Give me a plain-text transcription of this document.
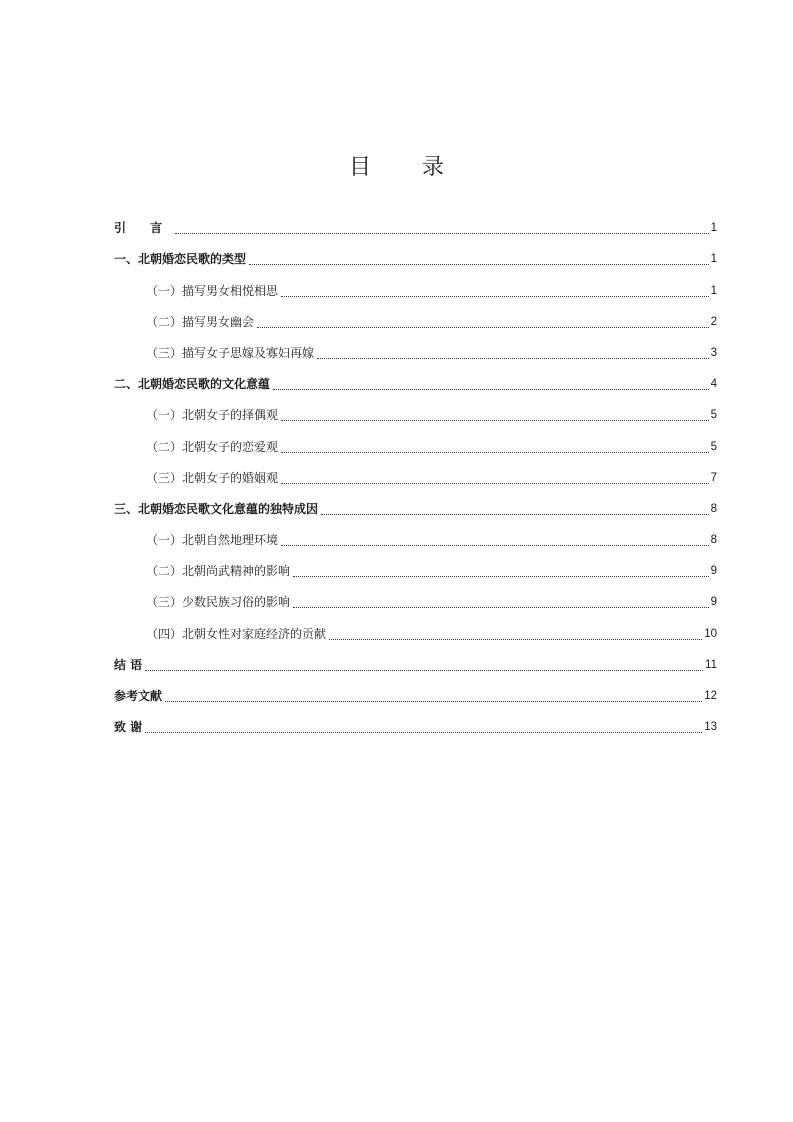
目 录
引 言	1
一、北朝婚恋民歌的类型	1
（一）描写男女相悦相思	1
（二）描写男女幽会	2
（三）描写女子思嫁及寡妇再嫁	3
二、北朝婚恋民歌的文化意蕴	4
（一）北朝女子的择偶观	5
（二）北朝女子的恋爱观	5
（三）北朝女子的婚姻观	7
三、北朝婚恋民歌文化意蕴的独特成因	8
（一）北朝自然地理环境	8
（二）北朝尚武精神的影响	9
（三）少数民族习俗的影响	9
（四）北朝女性对家庭经济的贡献	10
结 语	11
参考文献	12
致 谢	13
